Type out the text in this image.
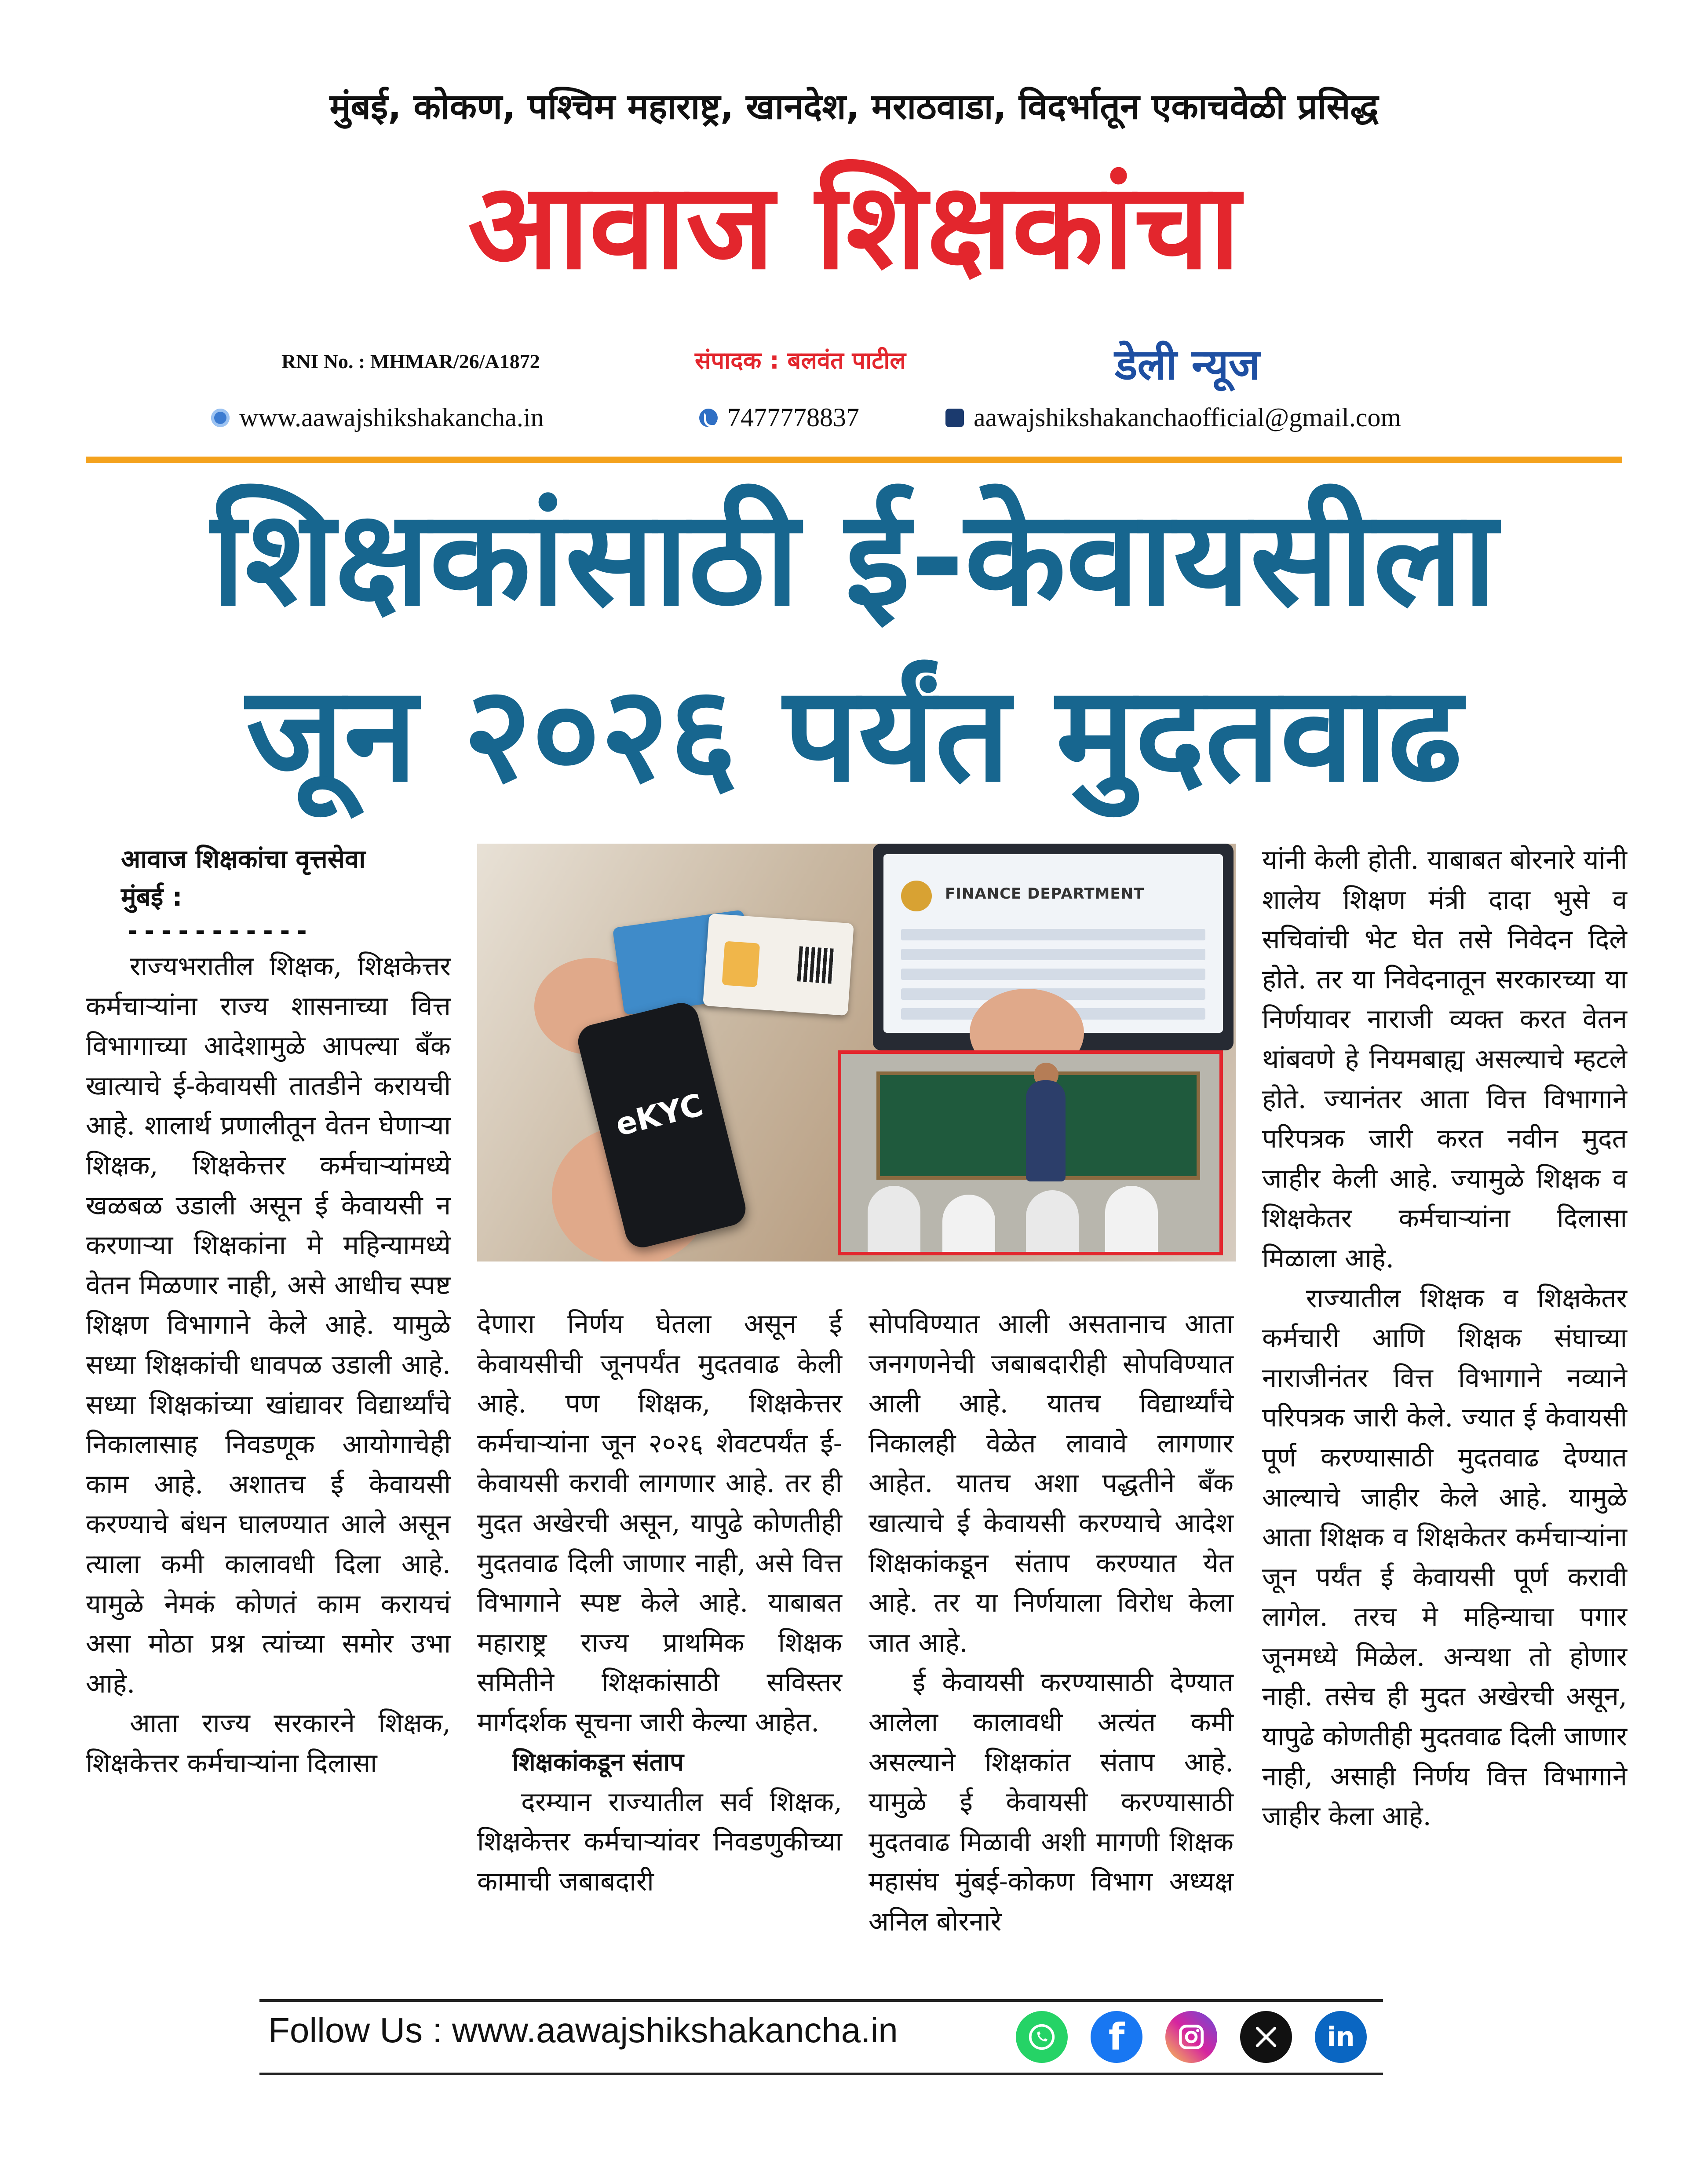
मुंबई, कोकण, पश्चिम महाराष्ट्र, खानदेश, मराठवाडा, विदर्भातून एकाचवेळी प्रसिद्ध
आवाज शिक्षकांचा
RNI No. : MHMAR/26/A1872	संपादक : बलवंत पाटील	डेली न्यूज
www.aawajshikshakancha.in	7477778837	aawajshikshakanchaofficial@gmail.com
शिक्षकांसाठी ई-केवायसीला
जून २०२६ पर्यंत मुदतवाढ
FINANCE DEPARTMENT
eKYC
आवाज शिक्षकांचा वृत्तसेवा
मुंबई :
-----------

राज्यभरातील शिक्षक, शिक्षकेत्तर कर्मचाऱ्यांना राज्य शासनाच्या वित्त विभागाच्या आदेशामुळे आपल्या बँक खात्याचे ई-केवायसी तातडीने करायची आहे. शालार्थ प्रणालीतून वेतन घेणाऱ्या शिक्षक, शिक्षकेत्तर कर्मचाऱ्यांमध्ये खळबळ उडाली असून ई केवायसी न करणाऱ्या शिक्षकांना मे महिन्यामध्ये वेतन मिळणार नाही, असे आधीच स्पष्ट शिक्षण विभागाने केले आहे. यामुळे सध्या शिक्षकांची धावपळ उडाली आहे. सध्या शिक्षकांच्या खांद्यावर विद्यार्थ्यांचे निकालासाह निवडणूक आयोगाचेही काम आहे. अशातच ई केवायसी करण्याचे बंधन घालण्यात आले असून त्याला कमी कालावधी दिला आहे. यामुळे नेमकं कोणतं काम करायचं असा मोठा प्रश्न त्यांच्या समोर उभा आहे.

आता राज्य सरकारने शिक्षक, शिक्षकेत्तर कर्मचाऱ्यांना दिलासा

देणारा निर्णय घेतला असून ई केवायसीची जूनपर्यंत मुदतवाढ केली आहे. पण शिक्षक, शिक्षकेत्तर कर्मचाऱ्यांना जून २०२६ शेवटपर्यंत ई-केवायसी करावी लागणार आहे. तर ही मुदत अखेरची असून, यापुढे कोणतीही मुदतवाढ दिली जाणार नाही, असे वित्त विभागाने स्पष्ट केले आहे. याबाबत महाराष्ट्र राज्य प्राथमिक शिक्षक समितीने शिक्षकांसाठी सविस्तर मार्गदर्शक सूचना जारी केल्या आहेत.

शिक्षकांकडून संताप

दरम्यान राज्यातील सर्व शिक्षक, शिक्षकेत्तर कर्मचाऱ्यांवर निवडणुकीच्या कामाची जबाबदारी

सोपविण्यात आली असतानाच आता जनगणनेची जबाबदारीही सोपविण्यात आली आहे. यातच विद्यार्थ्यांचे निकालही वेळेत लावावे लागणार आहेत. यातच अशा पद्धतीने बँक खात्याचे ई केवायसी करण्याचे आदेश शिक्षकांकडून संताप करण्यात येत आहे. तर या निर्णयाला विरोध केला जात आहे.

ई केवायसी करण्यासाठी देण्यात आलेला कालावधी अत्यंत कमी असल्याने शिक्षकांत संताप आहे. यामुळे ई केवायसी करण्यासाठी मुदतवाढ मिळावी अशी मागणी शिक्षक महासंघ मुंबई-कोकण विभाग अध्यक्ष अनिल बोरनारे

यांनी केली होती. याबाबत बोरनारे यांनी शालेय शिक्षण मंत्री दादा भुसे व सचिवांची भेट घेत तसे निवेदन दिले होते. तर या निवेदनातून सरकारच्या या निर्णयावर नाराजी व्यक्त करत वेतन थांबवणे हे नियमबाह्य असल्याचे म्हटले होते. ज्यानंतर आता वित्त विभागाने परिपत्रक जारी करत नवीन मुदत जाहीर केली आहे. ज्यामुळे शिक्षक व शिक्षकेतर कर्मचाऱ्यांना दिलासा मिळाला आहे.

राज्यातील शिक्षक व शिक्षकेतर कर्मचारी आणि शिक्षक संघाच्या नाराजीनंतर वित्त विभागाने नव्याने परिपत्रक जारी केले. ज्यात ई केवायसी पूर्ण करण्यासाठी मुदतवाढ देण्यात आल्याचे जाहीर केले आहे. यामुळे आता शिक्षक व शिक्षकेतर कर्मचाऱ्यांना जून पर्यंत ई केवायसी पूर्ण करावी लागेल. तरच मे महिन्याचा पगार जूनमध्ये मिळेल. अन्यथा तो होणार नाही. तसेच ही मुदत अखेरची असून, यापुढे कोणतीही मुदतवाढ दिली जाणार नाही, असाही निर्णय वित्त विभागाने जाहीर केला आहे.

Follow Us : www.aawajshikshakancha.in	f	in
